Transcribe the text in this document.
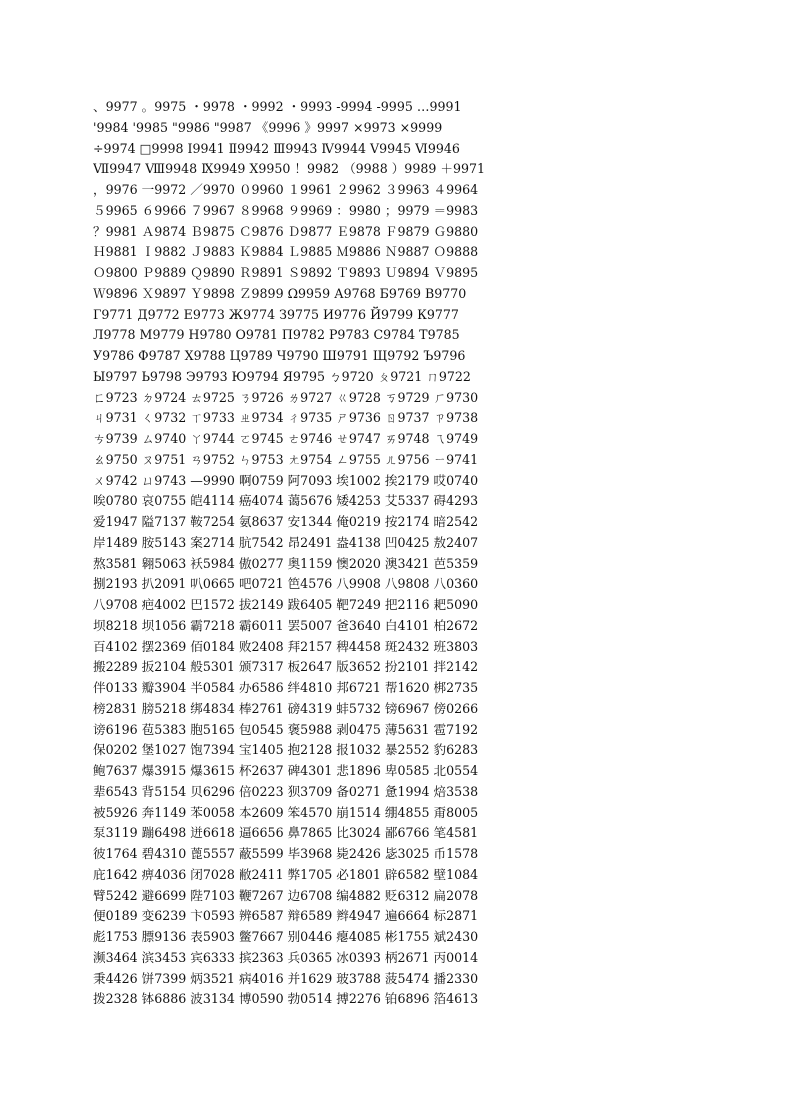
、9977 。9975 ・9978 ・9992 ・9993 -9994 -9995 …9991
'9984 '9985 "9986 "9987 《9996 》9997 ×9973 ×9999
÷9974 □9998 Ⅰ9941 Ⅱ9942 Ⅲ9943 Ⅳ9944 Ⅴ9945 Ⅵ9946
Ⅶ9947 Ⅷ9948 Ⅸ9949 Ⅹ9950 ！9982 （9988 ）9989 ＋9971
，9976 一9972 ／9970 ０9960 １9961 ２9962 ３9963 ４9964
５9965 ６9966 ７9967 ８9968 ９9969 ：9980 ；9979 ＝9983
？9981 Ａ9874 Ｂ9875 Ｃ9876 Ｄ9877 Ｅ9878 Ｆ9879 Ｇ9880
Ｈ9881 Ｉ9882 Ｊ9883 Ｋ9884 Ｌ9885 Ｍ9886 Ｎ9887 Ｏ9888
Ｏ9800 Ｐ9889 Ｑ9890 Ｒ9891 Ｓ9892 Ｔ9893 Ｕ9894 Ｖ9895
Ｗ9896 Ｘ9897 Ｙ9898 Ｚ9899 Ω9959 А9768 Б9769 В9770
Г9771 Д9772 Е9773 Ж9774 З9775 И9776 Й9799 К9777
Л9778 М9779 Н9780 О9781 П9782 Р9783 С9784 Т9785
У9786 Ф9787 Х9788 Ц9789 Ч9790 Ш9791 Щ9792 Ъ9796
Ы9797 Ь9798 Э9793 Ю9794 Я9795 ㄅ9720 ㄆ9721 ㄇ9722
ㄈ9723 ㄉ9724 ㄊ9725 ㄋ9726 ㄌ9727 ㄍ9728 ㄎ9729 ㄏ9730
ㄐ9731 ㄑ9732 ㄒ9733 ㄓ9734 ㄔ9735 ㄕ9736 ㄖ9737 ㄗ9738
ㄘ9739 ㄙ9740 ㄚ9744 ㄛ9745 ㄜ9746 ㄝ9747 ㄞ9748 ㄟ9749
ㄠ9750 ㄡ9751 ㄢ9752 ㄣ9753 ㄤ9754 ㄥ9755 ㄦ9756 ㄧ9741
ㄨ9742 ㄩ9743 —9990 啊0759 阿7093 埃1002 挨2179 哎0740
唉0780 哀0755 皑4114 癌4074 蔼5676 矮4253 艾5337 碍4293
爱1947 隘7137 鞍7254 氨8637 安1344 俺0219 按2174 暗2542
岸1489 胺5143 案2714 肮7542 昂2491 盎4138 凹0425 敖2407
熬3581 翱5063 袄5984 傲0277 奥1159 懊2020 澳3421 芭5359
捌2193 扒2091 叭0665 吧0721 笆4576 八9908 八9808 八0360
八9708 疤4002 巴1572 拔2149 跋6405 靶7249 把2116 耙5090
坝8218 坝1056 霸7218 霸6011 罢5007 爸3640 白4101 柏2672
百4102 摆2369 佰0184 败2408 拜2157 稗4458 斑2432 班3803
搬2289 扳2104 般5301 颁7317 板2647 版3652 扮2101 拌2142
伴0133 瓣3904 半0584 办6586 绊4810 邦6721 帮1620 梆2735
榜2831 膀5218 绑4834 棒2761 磅4319 蚌5732 镑6967 傍0266
谤6196 苞5383 胞5165 包0545 褒5988 剥0475 薄5631 雹7192
保0202 堡1027 饱7394 宝1405 抱2128 报1032 暴2552 豹6283
鲍7637 爆3915 爆3615 杯2637 碑4301 悲1896 卑0585 北0554
辈6543 背5154 贝6296 倍0223 狈3709 备0271 惫1994 焙3538
被5926 奔1149 苯0058 本2609 笨4570 崩1514 绷4855 甭8005
泵3119 蹦6498 迸6618 逼6656 鼻7865 比3024 鄙6766 笔4581
彼1764 碧4310 蓖5557 蔽5599 毕3968 毙2426 毖3025 币1578
庇1642 痹4036 闭7028 敝2411 弊1705 必1801 辟6582 壁1084
臂5242 避6699 陛7103 鞭7267 边6708 编4882 贬6312 扁2078
便0189 变6239 卞0593 辨6587 辩6589 辫4947 遍6664 标2871
彪1753 膘9136 表5903 鳖7667 别0446 瘪4085 彬1755 斌2430
濒3464 滨3453 宾6333 摈2363 兵0365 冰0393 柄2671 丙0014
秉4426 饼7399 炳3521 病4016 并1629 玻3788 菠5474 播2330
拨2328 钵6886 波3134 博0590 勃0514 搏2276 铂6896 箔4613
